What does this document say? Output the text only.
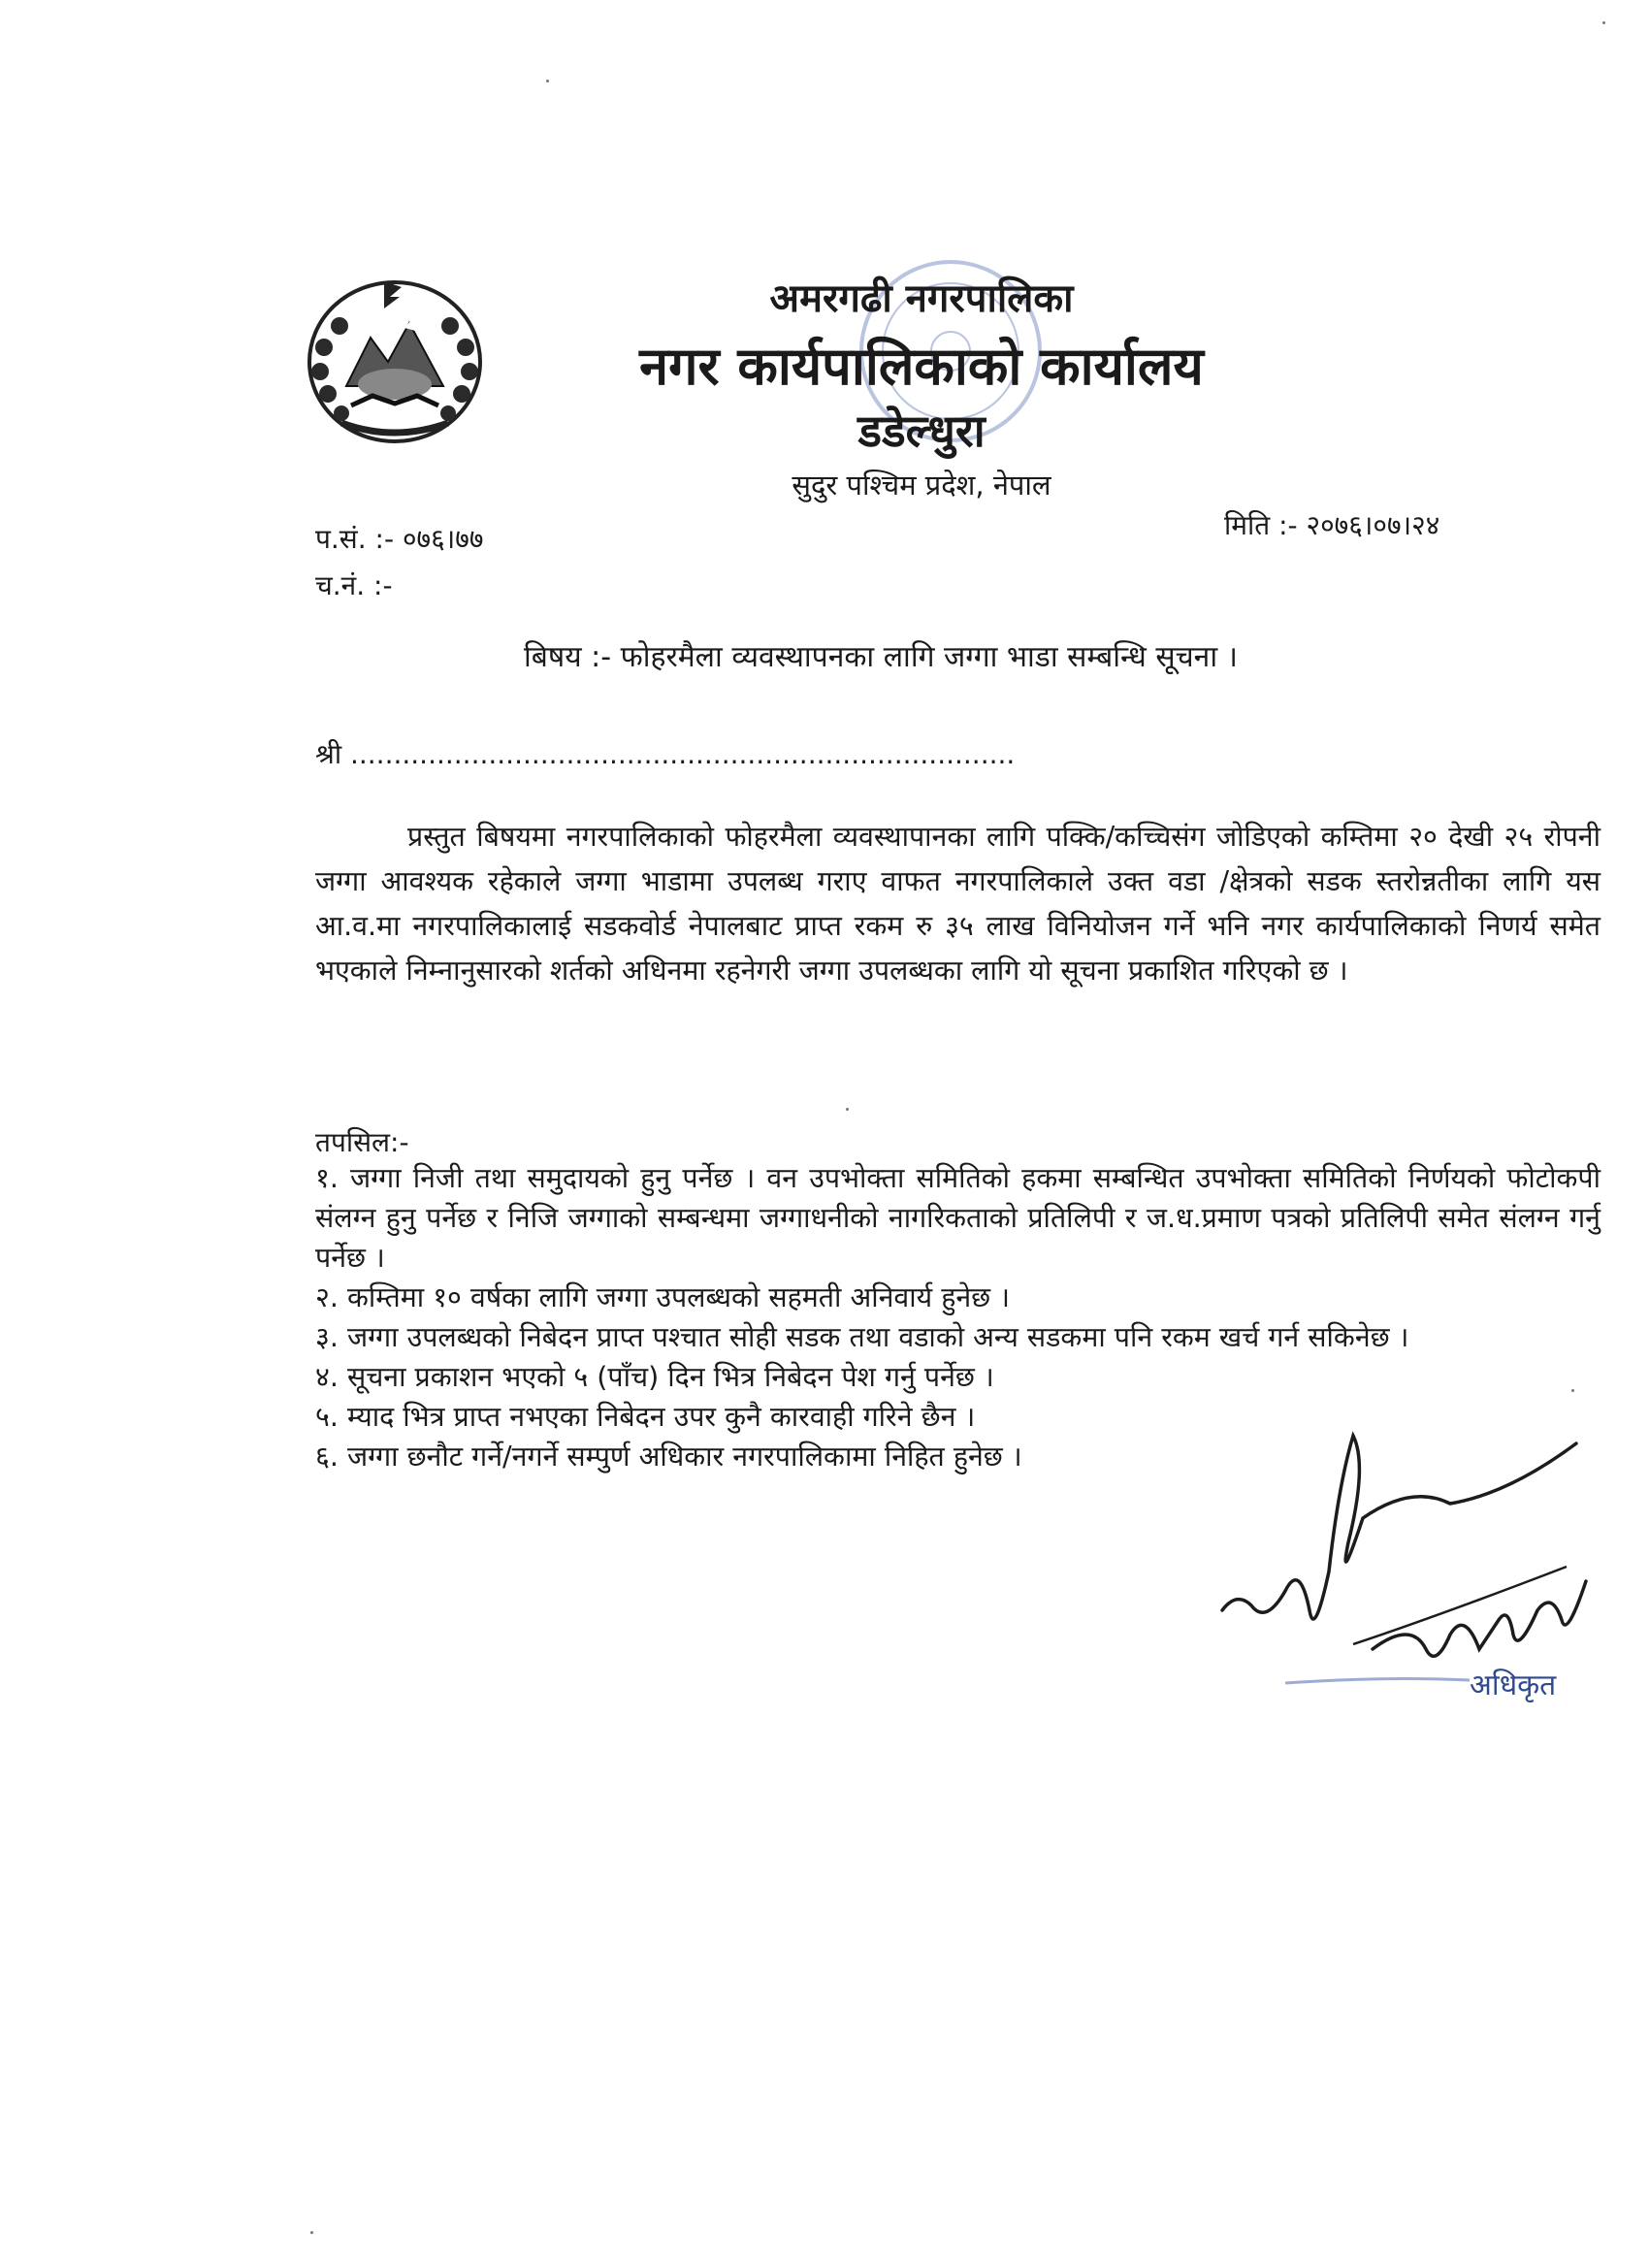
अमरगढी नगरपालिका
नगर कार्यपालिकाको कार्यालय
डडेल्धुरा
सुदुर पश्चिम प्रदेश, नेपाल
प.सं. :- ०७६।७७
च.नं. :-
मिति :- २०७६।०७।२४
बिषय :- फोहरमैला व्यवस्थापनका लागि जग्गा भाडा सम्बन्धि सूचना ।
श्री .............................................................................
प्रस्तुत बिषयमा नगरपालिकाको फोहरमैला व्यवस्थापानका लागि पक्कि/कच्चिसंग जोडिएको कम्तिमा २० देखी २५ रोपनी जग्गा आवश्यक रहेकाले जग्गा भाडामा उपलब्ध गराए वाफत नगरपालिकाले उक्त वडा /क्षेत्रको सडक स्तरोन्नतीका लागि यस आ.व.मा नगरपालिकालाई सडकवोर्ड नेपालबाट प्राप्त रकम रु ३५ लाख विनियोजन गर्ने भनि नगर कार्यपालिकाको निणर्य समेत भएकाले निम्नानुसारको शर्तको अधिनमा रहनेगरी जग्गा उपलब्धका लागि यो सूचना प्रकाशित गरिएको छ ।
तपसिल:-
१. जग्गा निजी तथा समुदायको हुनु पर्नेछ । वन उपभोक्ता समितिको हकमा सम्बन्धित उपभोक्ता समितिको निर्णयको फोटोकपी संलग्न हुनु पर्नेछ र निजि जग्गाको सम्बन्धमा जग्गाधनीको नागरिकताको प्रतिलिपी र ज.ध.प्रमाण पत्रको प्रतिलिपी समेत संलग्न गर्नु पर्नेछ ।
२. कम्तिमा १० वर्षका लागि जग्गा उपलब्धको सहमती अनिवार्य हुनेछ ।
३. जग्गा उपलब्धको निबेदन प्राप्त पश्चात सोही सडक तथा वडाको अन्य सडकमा पनि रकम खर्च गर्न सकिनेछ ।
४. सूचना प्रकाशन भएको ५ (पाँच) दिन भित्र निबेदन पेश गर्नु पर्नेछ ।
५. म्याद भित्र प्राप्त नभएका निबेदन उपर कुनै कारवाही गरिने छैन ।
६. जग्गा छनौट गर्ने/नगर्ने सम्पुर्ण अधिकार नगरपालिकामा निहित हुनेछ ।
अधिकृत
